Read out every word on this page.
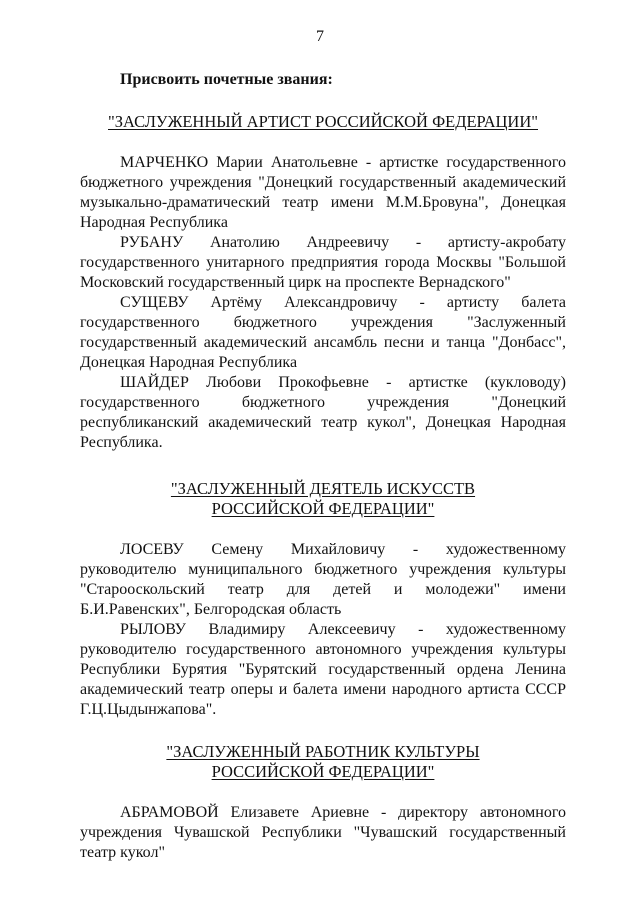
7

Присвоить почетные звания:

"ЗАСЛУЖЕННЫЙ АРТИСТ РОССИЙСКОЙ ФЕДЕРАЦИИ"

МАРЧЕНКО Марии Анатольевне - артистке государственного бюджетного учреждения "Донецкий государственный академический музыкально-драматический театр имени М.М.Бровуна", Донецкая Народная Республика

РУБАНУ Анатолию Андреевичу - артисту-акробату государственного унитарного предприятия города Москвы "Большой Московский государственный цирк на проспекте Вернадского"

СУЩЕВУ Артёму Александровичу - артисту балета государственного бюджетного учреждения "Заслуженный государственный академический ансамбль песни и танца "Донбасс", Донецкая Народная Республика

ШАЙДЕР Любови Прокофьевне - артистке (кукловоду) государственного бюджетного учреждения "Донецкий республиканский академический театр кукол", Донецкая Народная Республика.

"ЗАСЛУЖЕННЫЙ ДЕЯТЕЛЬ ИСКУССТВ
РОССИЙСКОЙ ФЕДЕРАЦИИ"

ЛОСЕВУ Семену Михайловичу - художественному руководителю муниципального бюджетного учреждения культуры "Старооскольский театр для детей и молодежи" имени Б.И.Равенских", Белгородская область

РЫЛОВУ Владимиру Алексеевичу - художественному руководителю государственного автономного учреждения культуры Республики Бурятия "Бурятский государственный ордена Ленина академический театр оперы и балета имени народного артиста СССР Г.Ц.Цыдынжапова".

"ЗАСЛУЖЕННЫЙ РАБОТНИК КУЛЬТУРЫ
РОССИЙСКОЙ ФЕДЕРАЦИИ"

АБРАМОВОЙ Елизавете Ариевне - директору автономного учреждения Чувашской Республики "Чувашский государственный театр кукол"
